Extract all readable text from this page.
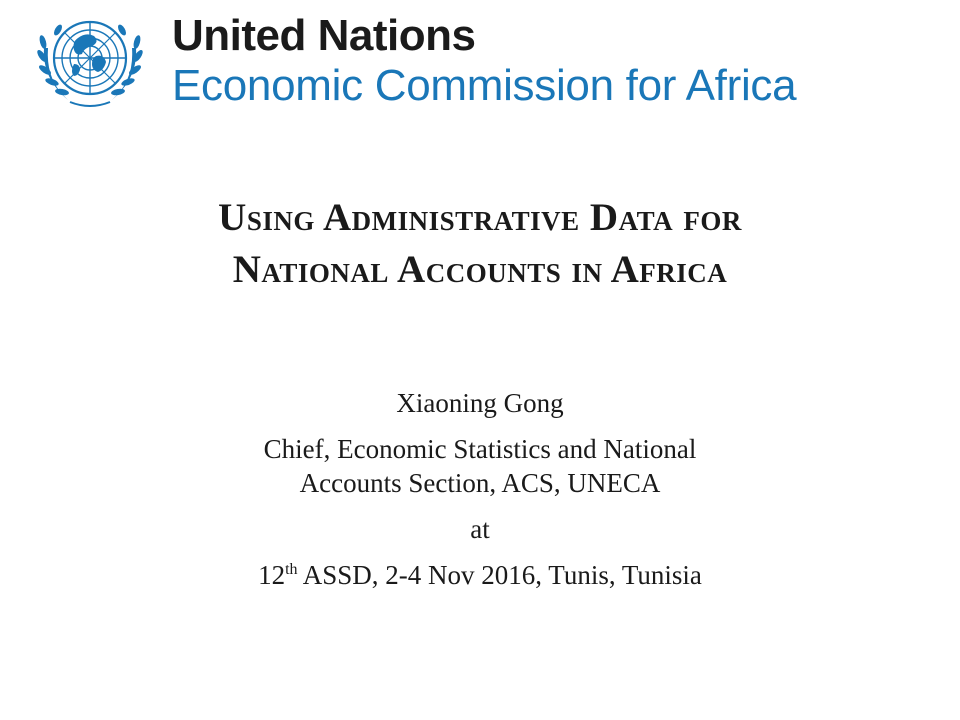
United Nations
Economic Commission for Africa
Using Administrative Data for
National Accounts in Africa
Xiaoning Gong
Chief, Economic Statistics and National
Accounts Section, ACS, UNECA
at
12th ASSD, 2-4 Nov 2016, Tunis, Tunisia
